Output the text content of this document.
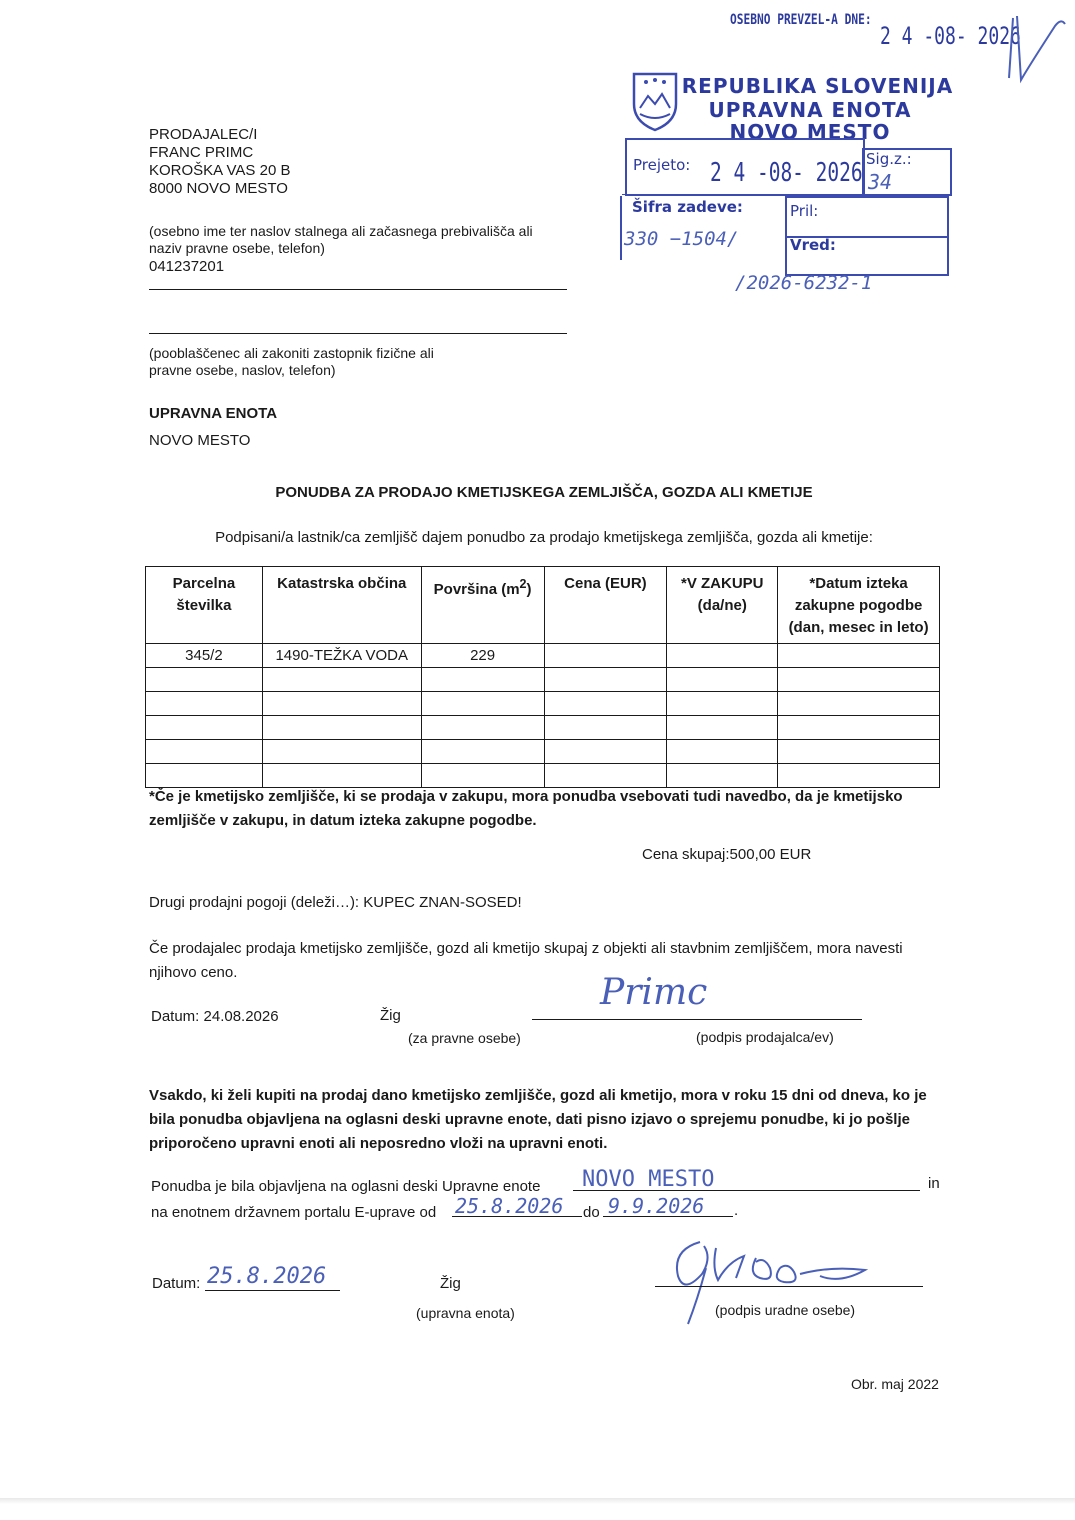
OSEBNO PREVZEL-A DNE:
2 4 -08- 2026
REPUBLIKA SLOVENIJA
UPRAVNA ENOTA
NOVO MESTO
Prejeto: 2 4 -08- 2026 Sig.z.:
34
Šifra zadeve:	Pril:
Vred:
330 −1504/
/2026-6232-1
PRODAJALEC/I
FRANC PRIMC
KOROŠKA VAS 20 B
8000 NOVO MESTO
(osebno ime ter naslov stalnega ali začasnega prebivališča ali naziv pravne osebe, telefon)
041237201
(pooblaščenec ali zakoniti zastopnik fizične ali pravne osebe, naslov, telefon)
UPRAVNA ENOTA
NOVO MESTO
PONUDBA ZA PRODAJO KMETIJSKEGA ZEMLJIŠČA, GOZDA ALI KMETIJE
Podpisani/a lastnik/ca zemljišč dajem ponudbo za prodajo kmetijskega zemljišča, gozda ali kmetije:
Parcelna številka	Katastrska občina	Površina $(m^2)$	Cena (EUR)	*V ZAKUPU (da/ne)	*Datum izteka zakupne pogodbe (dan, mesec in leto)
345/2	1490-TEŽKA VODA	229			

*Če je kmetijsko zemljišče, ki se prodaja v zakupu, mora ponudba vsebovati tudi navedbo, da je kmetijsko zemljišče v zakupu, in datum izteka zakupne pogodbe.
Cena skupaj:500,00 EUR
Drugi prodajni pogoji (deleži…): KUPEC ZNAN-SOSED!
Če prodajalec prodaja kmetijsko zemljišče, gozd ali kmetijo skupaj z objekti ali stavbnim zemljiščem, mora navesti njihovo ceno.
Datum: 24.08.2026	Žig
(za pravne osebe)
Primc
(podpis prodajalca/ev)
Vsakdo, ki želi kupiti na prodaj dano kmetijsko zemljišče, gozd ali kmetijo, mora v roku 15 dni od dneva, ko je bila ponudba objavljena na oglasni deski upravne enote, dati pisno izjavo o sprejemu ponudbe, ki jo pošlje priporočeno upravni enoti ali neposredno vloži na upravni enoti.
Ponudba je bila objavljena na oglasni deski Upravne enote NOVO MESTO	in
na enotnem državnem portalu E-uprave od 25.8.2026 do 9.9.2026 .
Datum: 25.8.2026	Žig
(upravna enota)	(podpis uradne osebe)
Obr. maj 2022
